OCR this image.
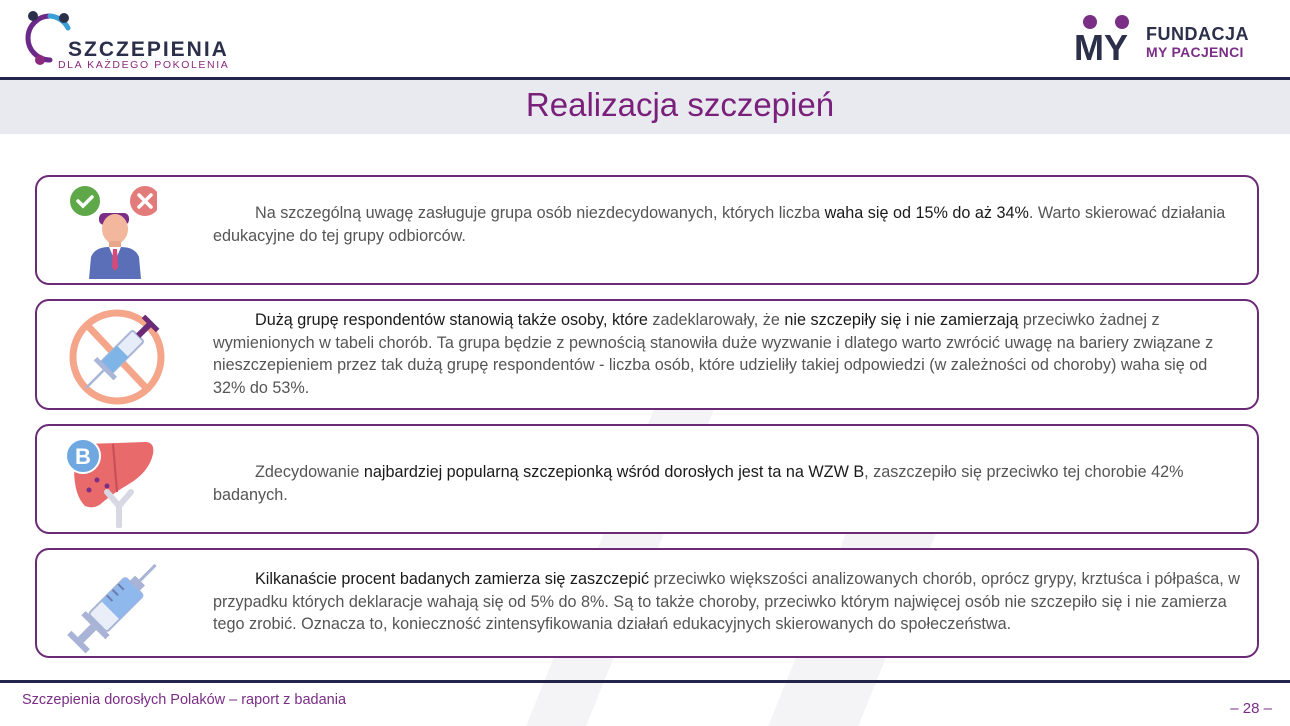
SZCZEPIENIA
DLA KAŻDEGO POKOLENIA	MY FUNDACJA
MY PACJENCI
Realizacja szczepień
Na szczególną uwagę zasługuje grupa osób niezdecydowanych, których liczba waha się od 15% do aż 34%. Warto skierować działania edukacyjne do tej grupy odbiorców.
Dużą grupę respondentów stanowią także osoby, które zadeklarowały, że nie szczepiły się i nie zamierzają przeciwko żadnej z wymienionych w tabeli chorób. Ta grupa będzie z pewnością stanowiła duże wyzwanie i dlatego warto zwrócić uwagę na bariery związane z nieszczepieniem przez tak dużą grupę respondentów - liczba osób, które udzieliły takiej odpowiedzi (w zależności od choroby) waha się od 32% do 53%.
B
Zdecydowanie najbardziej popularną szczepionką wśród dorosłych jest ta na WZW B, zaszczepiło się przeciwko tej chorobie 42% badanych.
Kilkanaście procent badanych zamierza się zaszczepić przeciwko większości analizowanych chorób, oprócz grypy, krztuśca i półpaśca, w przypadku których deklaracje wahają się od 5% do 8%. Są to także choroby, przeciwko którym najwięcej osób nie szczepiło się i nie zamierza tego zrobić. Oznacza to, konieczność zintensyfikowania działań edukacyjnych skierowanych do społeczeństwa.
Szczepienia dorosłych Polaków – raport z badania	– 28 –
